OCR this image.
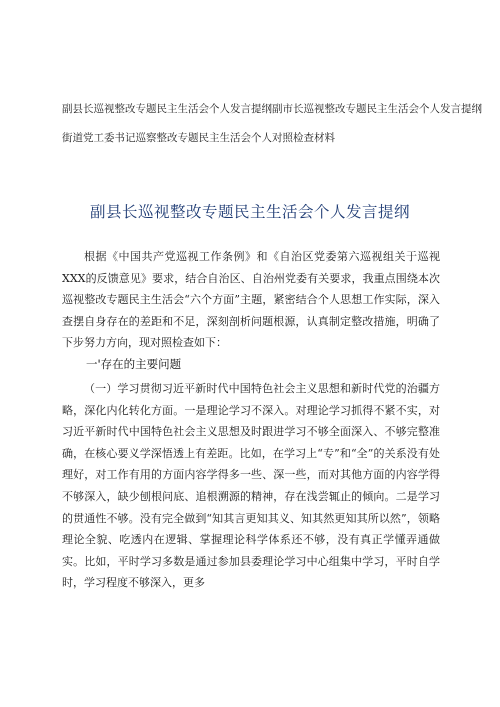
副县长巡视整改专题民主生活会个人发言提纲副市长巡视整改专题民主生活会个人发言提纲
街道党工委书记巡察整改专题民主生活会个人对照检查材料
副县长巡视整改专题民主生活会个人发言提纲

根据《中国共产党巡视工作条例》和《自治区党委第六巡视组关于巡视XXX的反馈意见》要求，结合自治区、自治州党委有关要求，我重点围绕本次巡视整改专题民主生活会“六个方面”主题，紧密结合个人思想工作实际，深入查摆自身存在的差距和不足，深刻剖析问题根源，认真制定整改措施，明确了下步努力方向，现对照检查如下：

一'存在的主要问题

（一）学习贯彻习近平新时代中国特色社会主义思想和新时代党的治疆方略，深化内化转化方面。一是理论学习不深入。对理论学习抓得不紧不实，对习近平新时代中国特色社会主义思想及时跟进学习不够全面深入、不够完整准确，在核心要义学深悟透上有差距。比如，在学习上“专”和“全”的关系没有处理好，对工作有用的方面内容学得多一些、深一些，而对其他方面的内容学得不够深入，缺少刨根问底、追根溯源的精神，存在浅尝辄止的倾向。二是学习的贯通性不够。没有完全做到“知其言更知其义、知其然更知其所以然”，领略理论全貌、吃透内在逻辑、掌握理论科学体系还不够，没有真正学懂弄通做实。比如，平时学习多数是通过参加县委理论学习中心组集中学习，平时自学时，学习程度不够深入，更多
